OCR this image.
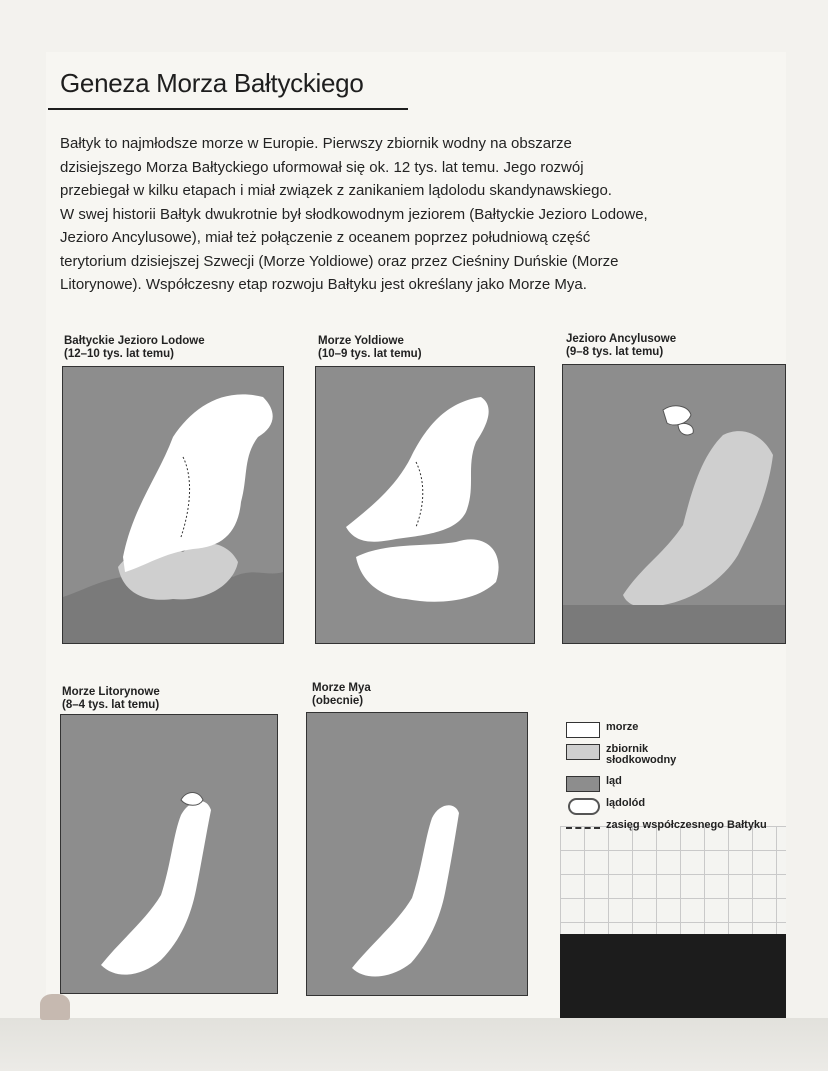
Geneza Morza Bałtyckiego

Bałtyk to najmłodsze morze w Europie. Pierwszy zbiornik wodny na obszarze
dzisiejszego Morza Bałtyckiego uformował się ok. 12 tys. lat temu. Jego rozwój
przebiegał w kilku etapach i miał związek z zanikaniem lądolodu skandynawskiego.
W swej historii Bałtyk dwukrotnie był słodkowodnym jeziorem (Bałtyckie Jezioro Lodowe,
Jezioro Ancylusowe), miał też połączenie z oceanem poprzez południową część
terytorium dzisiejszej Szwecji (Morze Yoldiowe) oraz przez Cieśniny Duńskie (Morze
Litorynowe). Współczesny etap rozwoju Bałtyku jest określany jako Morze Mya.

Bałtyckie Jezioro Lodowe
(12–10 tys. lat temu)
Morze Yoldiowe
(10–9 tys. lat temu)
Jezioro Ancylusowe
(9–8 tys. lat temu)
Morze Litorynowe
(8–4 tys. lat temu)
Morze Mya
(obecnie)
morze
zbiornik
słodkowodny
ląd
lądolód
zasięg współczesnego Bałtyku
